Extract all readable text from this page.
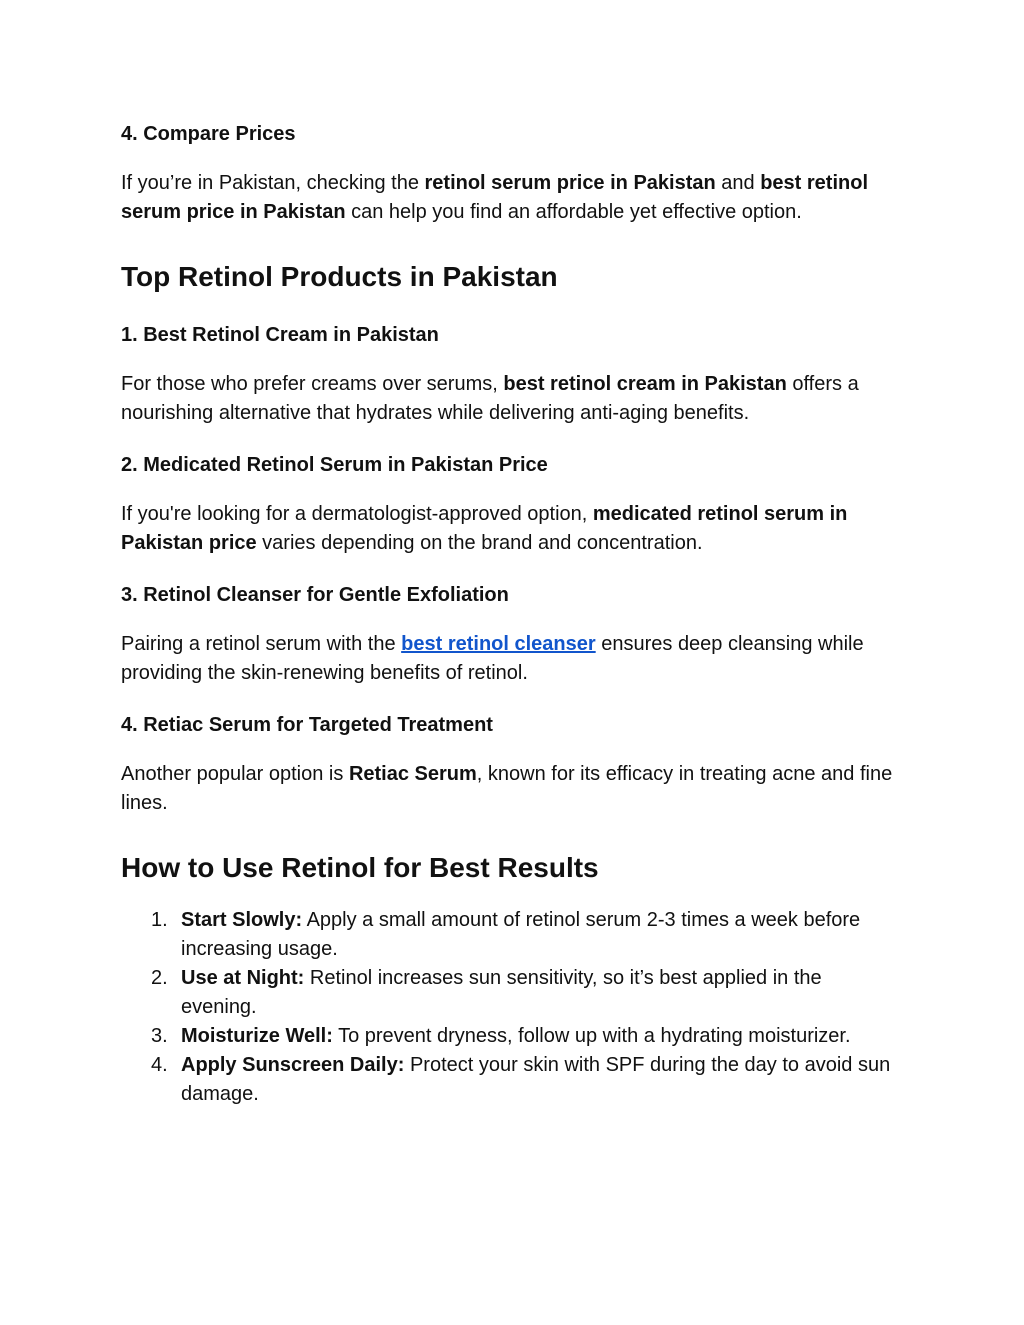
4. Compare Prices

If you’re in Pakistan, checking the retinol serum price in Pakistan and best retinol serum price in Pakistan can help you find an affordable yet effective option.

Top Retinol Products in Pakistan
1. Best Retinol Cream in Pakistan

For those who prefer creams over serums, best retinol cream in Pakistan offers a nourishing alternative that hydrates while delivering anti-aging benefits.

2. Medicated Retinol Serum in Pakistan Price

If you're looking for a dermatologist-approved option, medicated retinol serum in Pakistan price varies depending on the brand and concentration.

3. Retinol Cleanser for Gentle Exfoliation

Pairing a retinol serum with the best retinol cleanser ensures deep cleansing while providing the skin-renewing benefits of retinol.

4. Retiac Serum for Targeted Treatment

Another popular option is Retiac Serum, known for its efficacy in treating acne and fine lines.

How to Use Retinol for Best Results
1. Start Slowly: Apply a small amount of retinol serum 2-3 times a week before increasing usage.
2. Use at Night: Retinol increases sun sensitivity, so it’s best applied in the evening.
3. Moisturize Well: To prevent dryness, follow up with a hydrating moisturizer.
4. Apply Sunscreen Daily: Protect your skin with SPF during the day to avoid sun damage.
